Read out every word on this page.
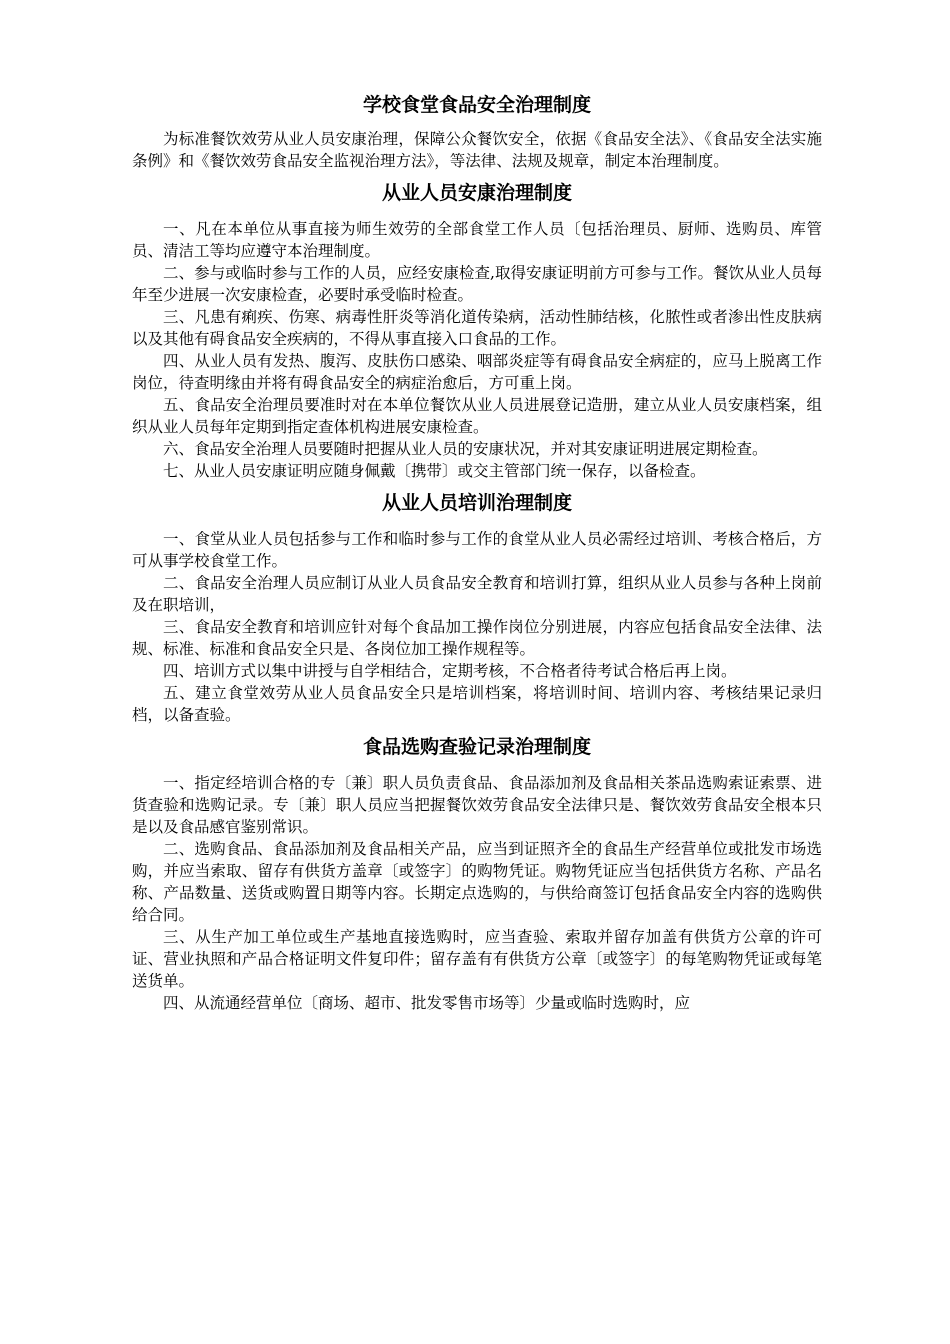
学校食堂食品安全治理制度

为标准餐饮效劳从业人员安康治理，保障公众餐饮安全，依据《食品安全法》、《食品安全法实施条例》和《餐饮效劳食品安全监视治理方法》，等法律、法规及规章，制定本治理制度。

从业人员安康治理制度

一、凡在本单位从事直接为师生效劳的全部食堂工作人员〔包括治理员、厨师、选购员、库管员、清洁工等均应遵守本治理制度。

二、参与或临时参与工作的人员，应经安康检查,取得安康证明前方可参与工作。餐饮从业人员每年至少进展一次安康检查，必要时承受临时检查。

三、凡患有痢疾、伤寒、病毒性肝炎等消化道传染病，活动性肺结核，化脓性或者渗出性皮肤病以及其他有碍食品安全疾病的，不得从事直接入口食品的工作。

四、从业人员有发热、腹泻、皮肤伤口感染、咽部炎症等有碍食品安全病症的，应马上脱离工作岗位，待查明缘由并将有碍食品安全的病症治愈后，方可重上岗。

五、食品安全治理员要准时对在本单位餐饮从业人员进展登记造册，建立从业人员安康档案，组织从业人员每年定期到指定查体机构进展安康检查。

六、食品安全治理人员要随时把握从业人员的安康状况，并对其安康证明进展定期检查。

七、从业人员安康证明应随身佩戴〔携带〕或交主管部门统一保存，以备检查。

从业人员培训治理制度

一、食堂从业人员包括参与工作和临时参与工作的食堂从业人员必需经过培训、考核合格后，方可从事学校食堂工作。

二、食品安全治理人员应制订从业人员食品安全教育和培训打算，组织从业人员参与各种上岗前及在职培训，

三、食品安全教育和培训应针对每个食品加工操作岗位分别进展，内容应包括食品安全法律、法规、标准、标准和食品安全只是、各岗位加工操作规程等。

四、培训方式以集中讲授与自学相结合，定期考核，不合格者待考试合格后再上岗。

五、建立食堂效劳从业人员食品安全只是培训档案，将培训时间、培训内容、考核结果记录归档，以备查验。

食品选购查验记录治理制度

一、指定经培训合格的专〔兼〕职人员负责食品、食品添加剂及食品相关茶品选购索证索票、进货查验和选购记录。专〔兼〕职人员应当把握餐饮效劳食品安全法律只是、餐饮效劳食品安全根本只是以及食品感官鉴别常识。

二、选购食品、食品添加剂及食品相关产品，应当到证照齐全的食品生产经营单位或批发市场选购，并应当索取、留存有供货方盖章〔或签字〕的购物凭证。购物凭证应当包括供货方名称、产品名称、产品数量、送货或购置日期等内容。长期定点选购的，与供给商签订包括食品安全内容的选购供给合同。

三、从生产加工单位或生产基地直接选购时，应当查验、索取并留存加盖有供货方公章的许可证、营业执照和产品合格证明文件复印件；留存盖有有供货方公章〔或签字〕的每笔购物凭证或每笔送货单。

四、从流通经营单位〔商场、超市、批发零售市场等〕少量或临时选购时，应
